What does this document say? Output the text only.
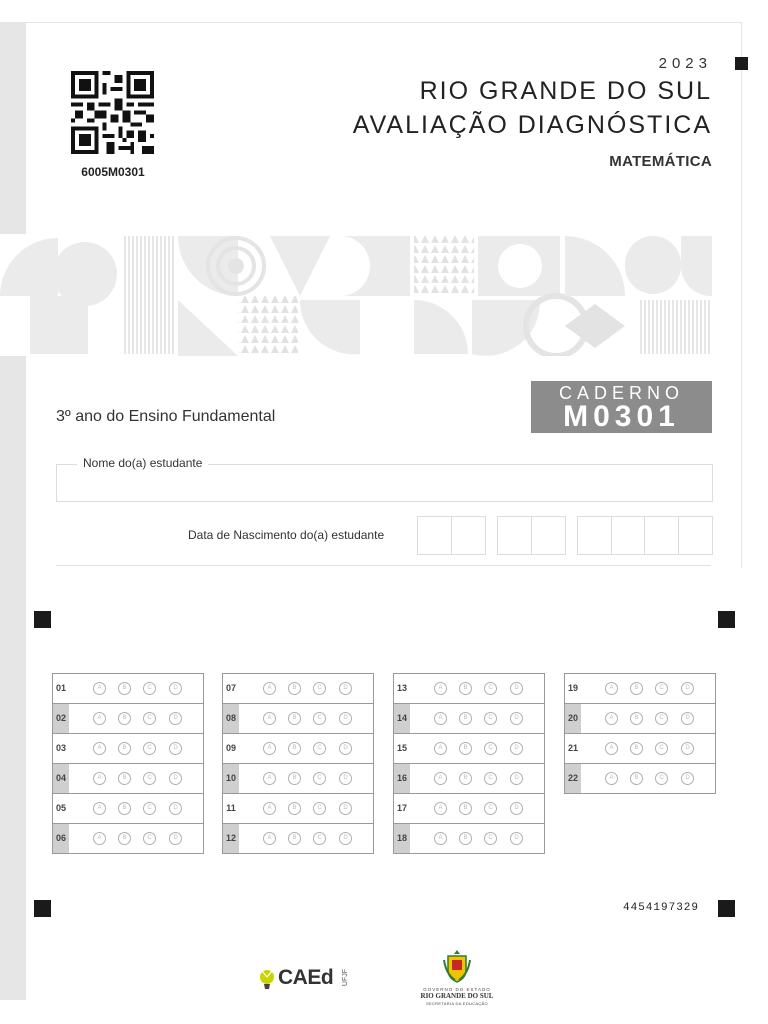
6005M0301
2023
RIO GRANDE DO SUL
AVALIAÇÃO DIAGNÓSTICA
MATEMÁTICA
3º ano do Ensino Fundamental
CADERNO
M0301
Nome do(a) estudante
Data de Nascimento do(a) estudante
01	A	B	C	D
02	A	B	C	D
03	A	B	C	D
04	A	B	C	D
05	A	B	C	D
06	A	B	C	D
07	A	B	C	D
08	A	B	C	D
09	A	B	C	D
10	A	B	C	D
11	A	B	C	D
12	A	B	C	D
13	A	B	C	D
14	A	B	C	D
15	A	B	C	D
16	A	B	C	D
17	A	B	C	D
18	A	B	C	D
19	A	B	C	D
20	A	B	C	D
21	A	B	C	D
22	A	B	C	D
4454197329
CAEd UFJF
GOVERNO DO ESTADO
RIO GRANDE DO SUL
SECRETARIA DA EDUCAÇÃO
